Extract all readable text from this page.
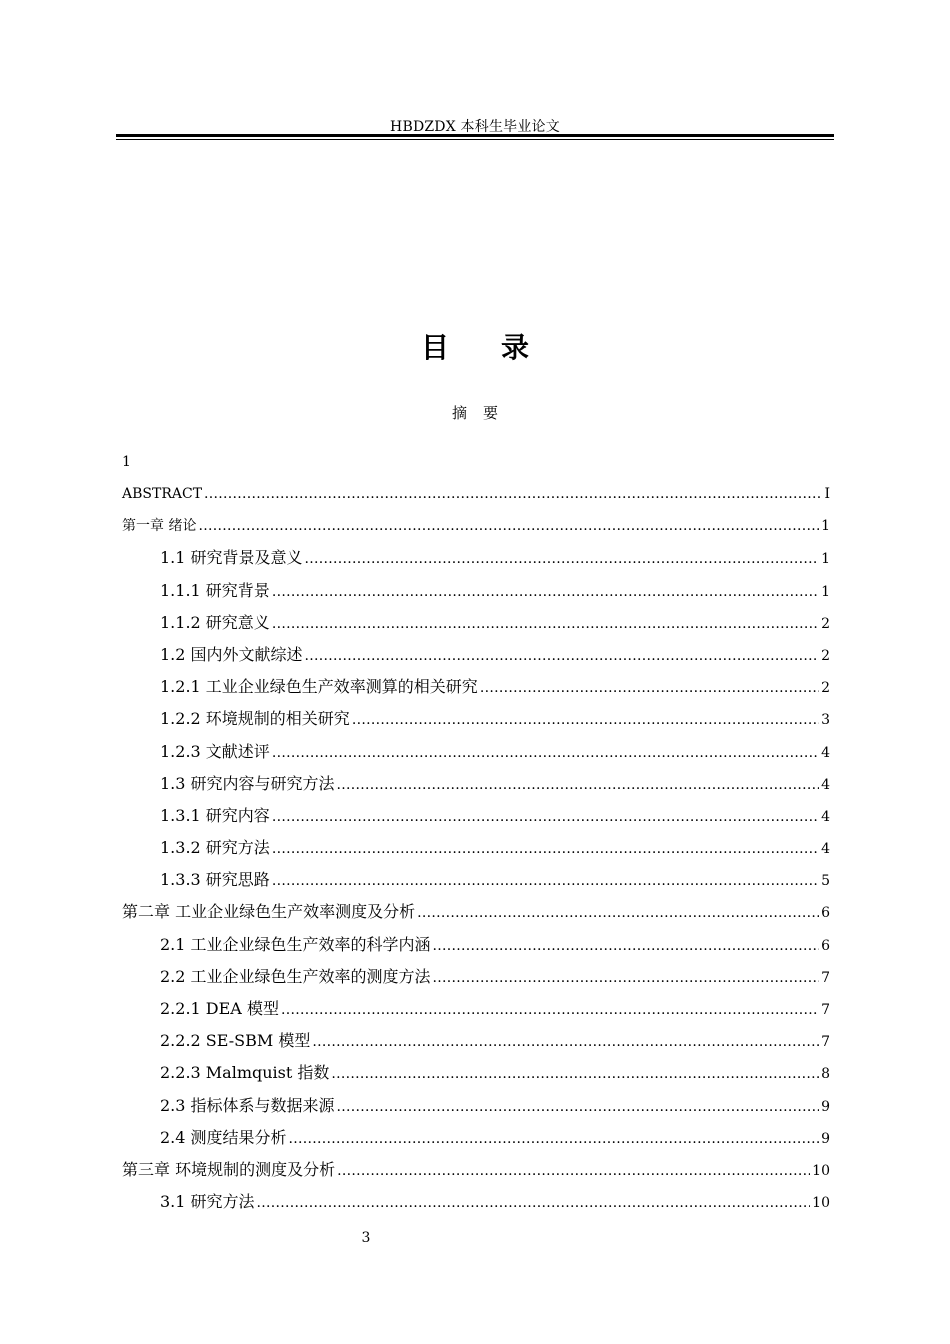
HBDZDX 本科生毕业论文
目 录
摘 要
1
ABSTRACT .....	I
第一章 绪论 .....	1
1.1 研究背景及意义 .....	1
1.1.1 研究背景 .....	1
1.1.2 研究意义 .....	2
1.2 国内外文献综述 .....	2
1.2.1 工业企业绿色生产效率测算的相关研究 .....	2
1.2.2 环境规制的相关研究 .....	3
1.2.3 文献述评 .....	4
1.3 研究内容与研究方法 .....	4
1.3.1 研究内容 .....	4
1.3.2 研究方法 .....	4
1.3.3 研究思路 .....	5
第二章 工业企业绿色生产效率测度及分析 .....	6
2.1 工业企业绿色生产效率的科学内涵 .....	6
2.2 工业企业绿色生产效率的测度方法 .....	7
2.2.1 DEA 模型 .....	7
2.2.2 SE-SBM 模型 .....	7
2.2.3 Malmquist 指数 .....	8
2.3 指标体系与数据来源 .....	9
2.4 测度结果分析 .....	9
第三章 环境规制的测度及分析 .....	10
3.1 研究方法 .....	10
3
